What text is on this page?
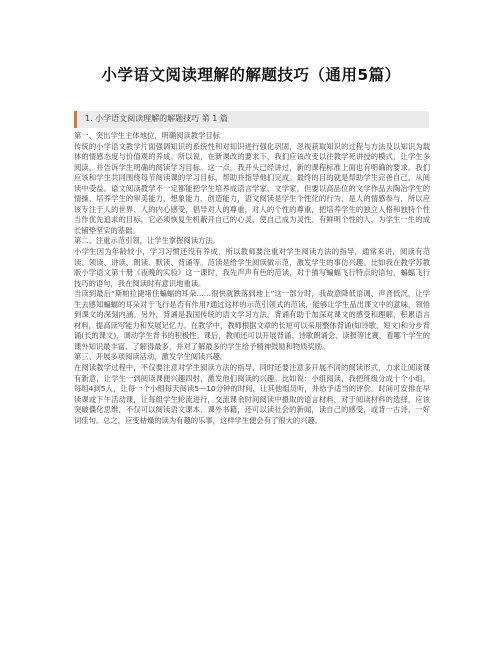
小学语文阅读理解的解题技巧（通用5篇）
1. 小学语文阅读理解的解题技巧 第 1 篇

第一、突出学生主体地位，明确阅读教学目标

传统的小学语文教学片面强调知识的系统性和对知识进行强化巩固，忽视获取知识的过程与方法及以知识为载体的情感态度与价值观的养成。所以说，在新课改的要求下，我们应该改变以往教学死讲授的模式，让学生多阅读，并告诉学生明确的阅读学习目标。这一点，我开头已经讲过，新的课程标准上面也有明确的要求。我们应该和学生共同围绕每节阅读课的学习目标，帮助并指导他们完成。最终的目的就是帮助学生完善自己，从阅读中受益。语文阅读教学不一定都能把学生培养成语言学家、文学家，但要以高品位的文学作品去陶冶学生的情操、培养学生的审美能力、想象能力、创造能力，语文阅读是学生个性化的行为，是人的情感参与，所以应该专注于人的世界、人的内心感受，倡导对人的尊重，对人的个性的尊重，把培养学生的独立人格和独特个性当作优先追求的目标，它必须恢复生机蔽开自己的心灵，使自己成为灵性、有鲜明个性的人，为学生一生的成长铺垫坚实的基础。

第二、注重示范引领，让学生掌握阅读方法。

小学生因为年龄较小，学习习惯还没有养成，所以教师要注重对学生阅读方法的指导，通常来讲，阅读有范读、领读、讲读、朗读、默读、背诵等。范读是给学生阅读做示范，激发学生的事仿兴趣。比如我在教学苏教版小学语文第十册《夜晚的实验》这一课时，我先声声有色的范读，对于描写蝙蝠飞行特点的语句，蝙蝠飞行技巧的语句，我在阅读时有意识地重读。

当读到最后“斯帕拉捷堵住蝙蝠的耳朵……很快就跌落到地上”这一部分时，我故意降低语调、声音低沉，让学生去感知蝙蝠的耳朵对于飞行是否有作用?通过这样的示范引领式的范读，能够让学生品出课文中的意味，领悟到课文的深刻内涵。另外，背诵是我国传统的语文学习方法，背诵有助于加深对课文的感受和理解，积累语言材料，提高读写能力和发展记忆力。在教学中，教师根据文章的长短可以采用整体背诵(如诗歌、短文)和分步背诵(长的课文)，调动学生背书的积极性。课后，教师还可以开展背诵、诗歌朗诵会、读报等比赛，看哪个学生的课外知识最丰富、了解得最多，并对了解最多的学生给予精神鼓励和物质奖励。

第三、开展多项阅读活动，激发学生阅读兴趣。

在阅读教学过程中，不仅要注意对学生阅读方法的指导，同时还要注意多开展不同的阅读形式，力求让阅读课有新意，让学生一到阅读课便兴趣四射，激发他们阅读的兴趣。比如说：小组阅读，我把班级分成十个小组，每组4到5人，让每一个小组每天阅读5—10分钟的时间，让其他组员听，并给予适当的评价。时间可安排在早读课或下午活动课，让每组学生轮流进行，交流课余时间阅读中摄取的语言材料，对于阅读材料的选择，应该突破僵化思维，不仅可以阅读语文课本、课外书籍，还可以读社会的新闻，读自己的感受，或背一古诗、一好词佳句。总之，应变枯燥的读为有趣的乐事，这样学生便会有了很大的兴趣。
